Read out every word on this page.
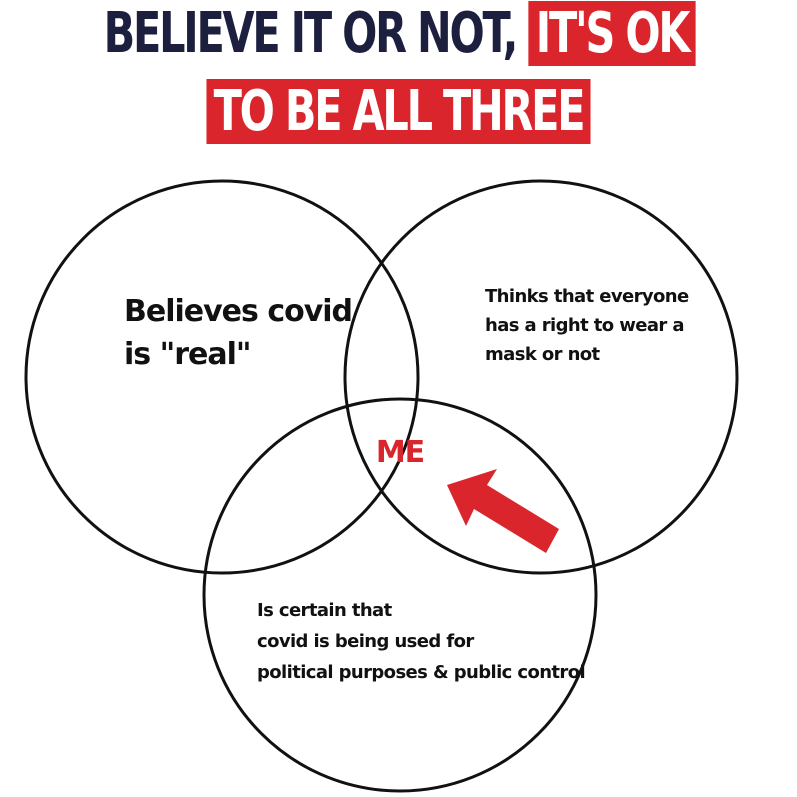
BELIEVE IT OR NOT, IT'S OK
TO BE ALL THREE
Believes covid is "real"
Thinks that everyone has a right to wear a mask or not
Is certain that covid is being used for political purposes & public control
ME
